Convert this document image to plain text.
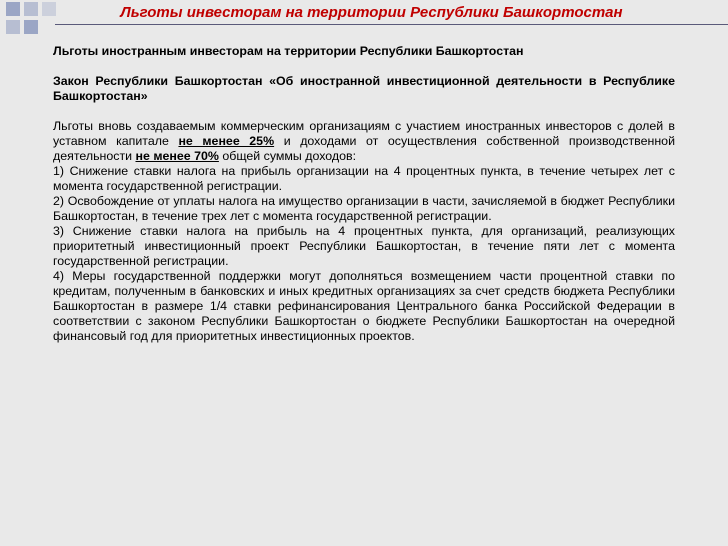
Льготы инвесторам на территории Республики Башкортостан

Льготы иностранным инвесторам на территории Республики Башкортостан

Закон Республики Башкортостан «Об иностранной инвестиционной деятельности в Республике Башкортостан»

Льготы вновь создаваемым коммерческим организациям с участием иностранных инвесторов с долей в уставном капитале не менее 25% и доходами от осуществления собственной производственной деятельности не менее 70% общей суммы доходов:

1) Снижение ставки налога на прибыль организации на 4 процентных пункта, в течение четырех лет с момента государственной регистрации.

2) Освобождение от уплаты налога на имущество организации в части, зачисляемой в бюджет Республики Башкортостан, в течение трех лет с момента государственной регистрации.

3) Снижение ставки налога на прибыль на 4 процентных пункта, для организаций, реализующих приоритетный инвестиционный проект Республики Башкортостан, в течение пяти лет с момента государственной регистрации.

4) Меры государственной поддержки могут дополняться возмещением части процентной ставки по кредитам, полученным в банковских и иных кредитных организациях за счет средств бюджета Республики Башкортостан в размере 1/4 ставки рефинансирования Центрального банка Российской Федерации в соответствии с законом Республики Башкортостан о бюджете Республики Башкортостан на очередной финансовый год для приоритетных инвестиционных проектов.
